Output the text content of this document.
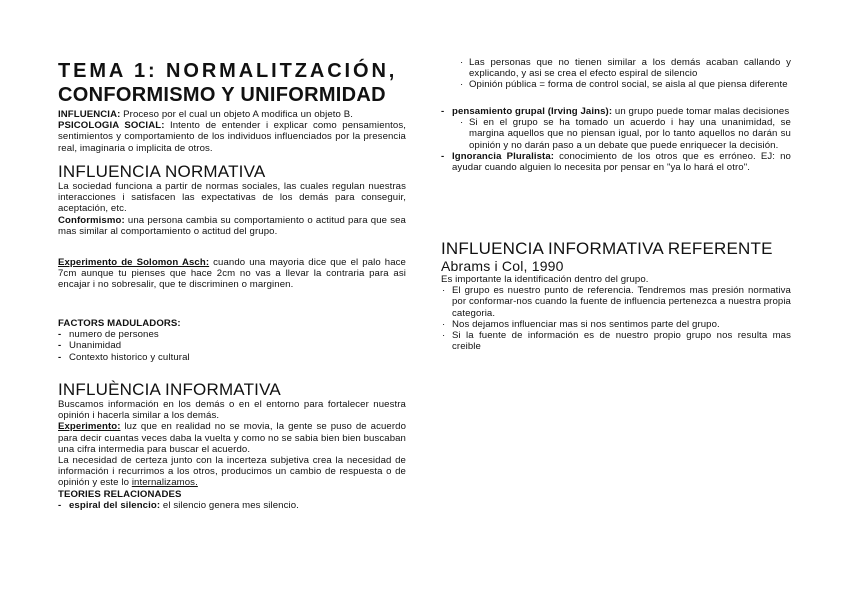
TEMA 1: NORMALITZACIÓN,
CONFORMISMO Y UNIFORMIDAD

INFLUENCIA: Proceso por el cual un objeto A modifica un objeto B.

PSICOLOGIA SOCIAL: Intento de entender i explicar como pensamientos, sentimientos y comportamiento de los individuos influenciados por la presencia real, imaginaria o implicita de otros.

INFLUENCIA NORMATIVA

La sociedad funciona a partir de normas sociales, las cuales regulan nuestras interacciones i satisfacen las expectativas de los demás para conseguir, aceptación, etc.

Conformismo: una persona cambia su comportamiento o actitud para que sea mas similar al comportamiento o actitud del grupo.

Experimento de Solomon Asch: cuando una mayoria dice que el palo hace 7cm aunque tu pienses que hace 2cm no vas a llevar la contraria para asi encajar i no sobresalir, que te discriminen o marginen.

FACTORS MADULADORS:

- numero de persones

- Unanimidad

- Contexto historico y cultural

INFLUÈNCIA INFORMATIVA

Buscamos información en los demás o en el entorno para fortalecer nuestra opinión i hacerla similar a los demás.

Experimento: luz que en realidad no se movia, la gente se puso de acuerdo para decir cuantas veces daba la vuelta y como no se sabia bien bien buscaban una cifra intermedia para buscar el acuerdo.

La necesidad de certeza junto con la incerteza subjetiva crea la necesidad de información i recurrimos a los otros, producimos un cambio de respuesta o de opinión y este lo internalizamos.

TEORIES RELACIONADES

- espiral del silencio: el silencio genera mes silencio.

· Las personas que no tienen similar a los demás acaban callando y explicando, y asi se crea el efecto espiral de silencio

· Opinión pública = forma de control social, se aisla al que piensa diferente

- pensamiento grupal (Irving Jains): un grupo puede tomar malas decisiones

· Si en el grupo se ha tomado un acuerdo i hay una unanimidad, se margina aquellos que no piensan igual, por lo tanto aquellos no darán su opinión y no darán paso a un debate que puede enriquecer la decisión.

- Ignorancia Pluralista: conocimiento de los otros que es erróneo. EJ: no ayudar cuando alguien lo necesita por pensar en "ya lo hará el otro".

INFLUENCIA INFORMATIVA REFERENTE
Abrams i Col, 1990

Es importante la identificación dentro del grupo.

· El grupo es nuestro punto de referencia. Tendremos mas presión normativa por conformar-nos cuando la fuente de influencia pertenezca a nuestra propia categoria.

· Nos dejamos influenciar mas si nos sentimos parte del grupo.

· Si la fuente de información es de nuestro propio grupo nos resulta mas creible
